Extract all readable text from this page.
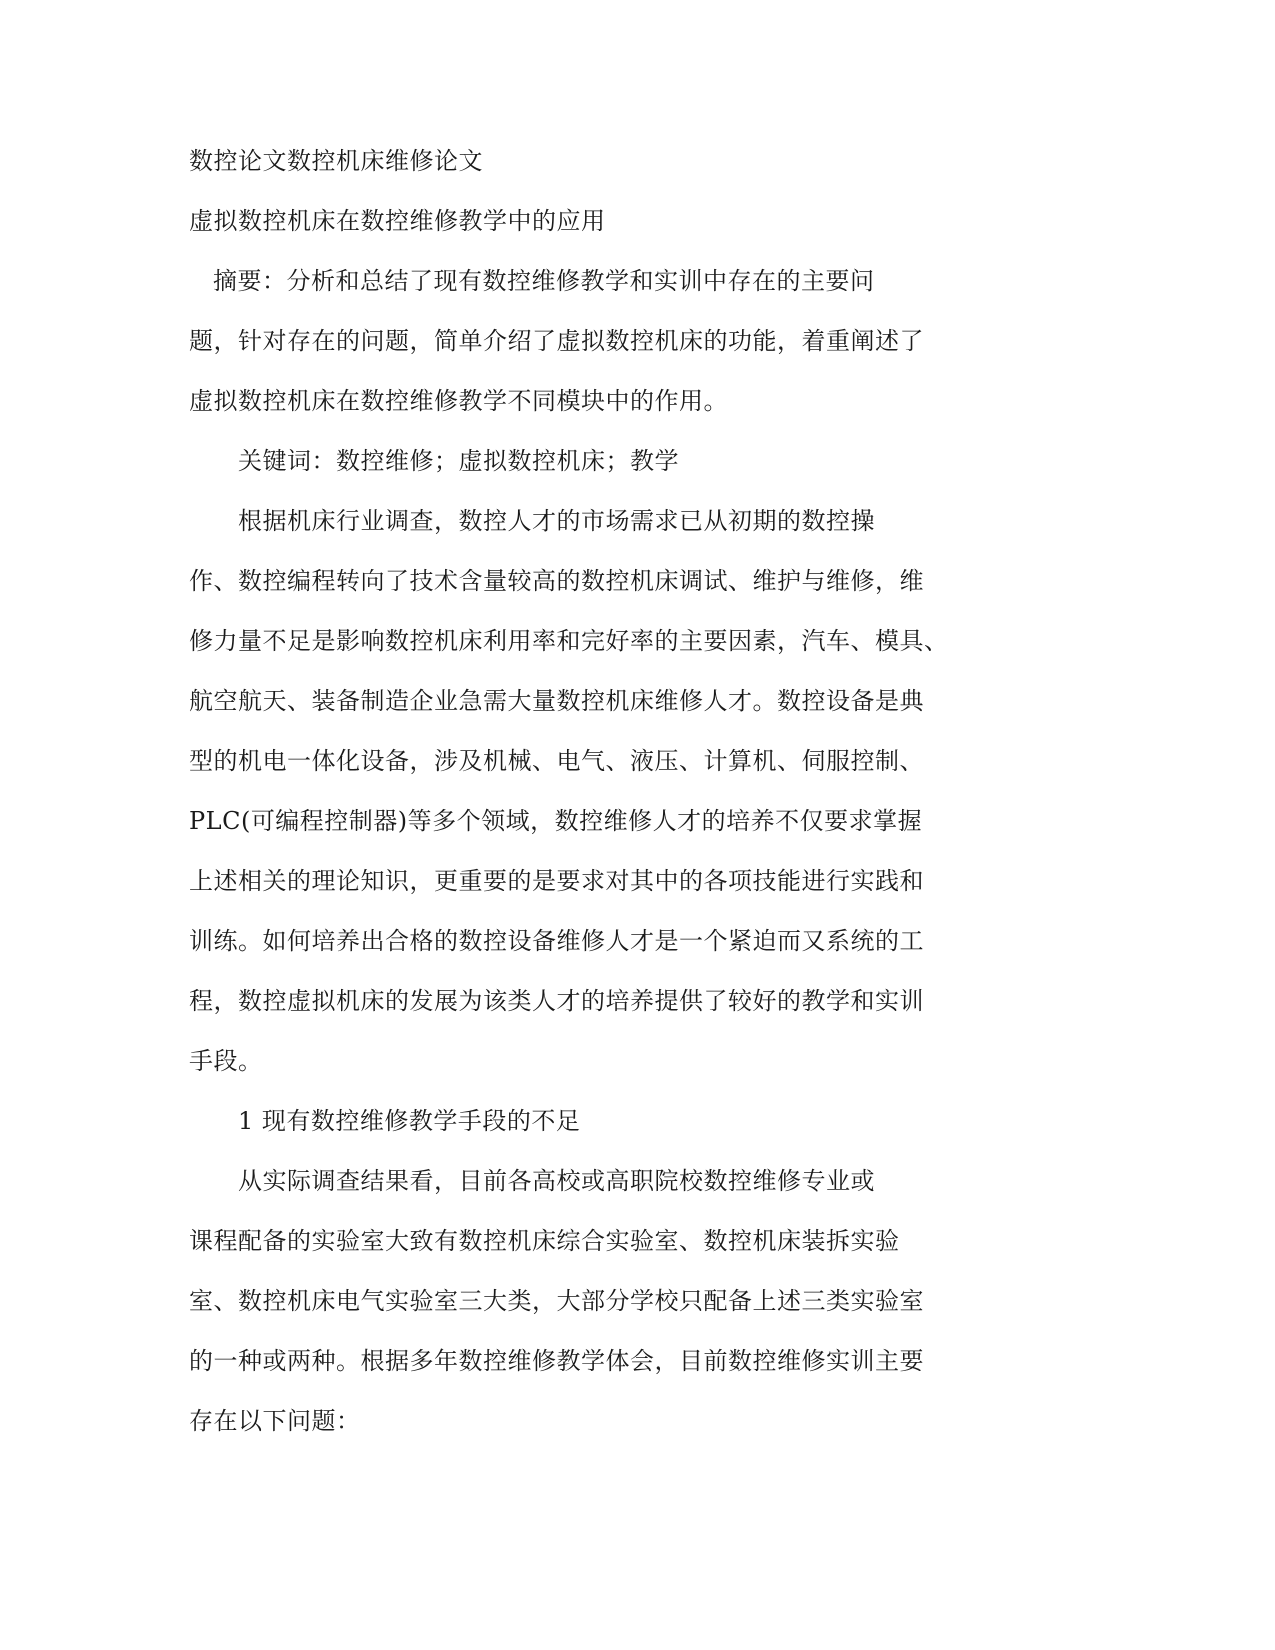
数控论文数控机床维修论文
虚拟数控机床在数控维修教学中的应用
摘要：分析和总结了现有数控维修教学和实训中存在的主要问
题，针对存在的问题，简单介绍了虚拟数控机床的功能，着重阐述了
虚拟数控机床在数控维修教学不同模块中的作用。
关键词：数控维修；虚拟数控机床；教学
根据机床行业调查，数控人才的市场需求已从初期的数控操
作、数控编程转向了技术含量较高的数控机床调试、维护与维修，维
修力量不足是影响数控机床利用率和完好率的主要因素，汽车、模具、
航空航天、装备制造企业急需大量数控机床维修人才。数控设备是典
型的机电一体化设备，涉及机械、电气、液压、计算机、伺服控制、
PLC(可编程控制器)等多个领域，数控维修人才的培养不仅要求掌握
上述相关的理论知识，更重要的是要求对其中的各项技能进行实践和
训练。如何培养出合格的数控设备维修人才是一个紧迫而又系统的工
程，数控虚拟机床的发展为该类人才的培养提供了较好的教学和实训
手段。
1 现有数控维修教学手段的不足
从实际调查结果看，目前各高校或高职院校数控维修专业或
课程配备的实验室大致有数控机床综合实验室、数控机床装拆实验
室、数控机床电气实验室三大类，大部分学校只配备上述三类实验室
的一种或两种。根据多年数控维修教学体会，目前数控维修实训主要
存在以下问题：
